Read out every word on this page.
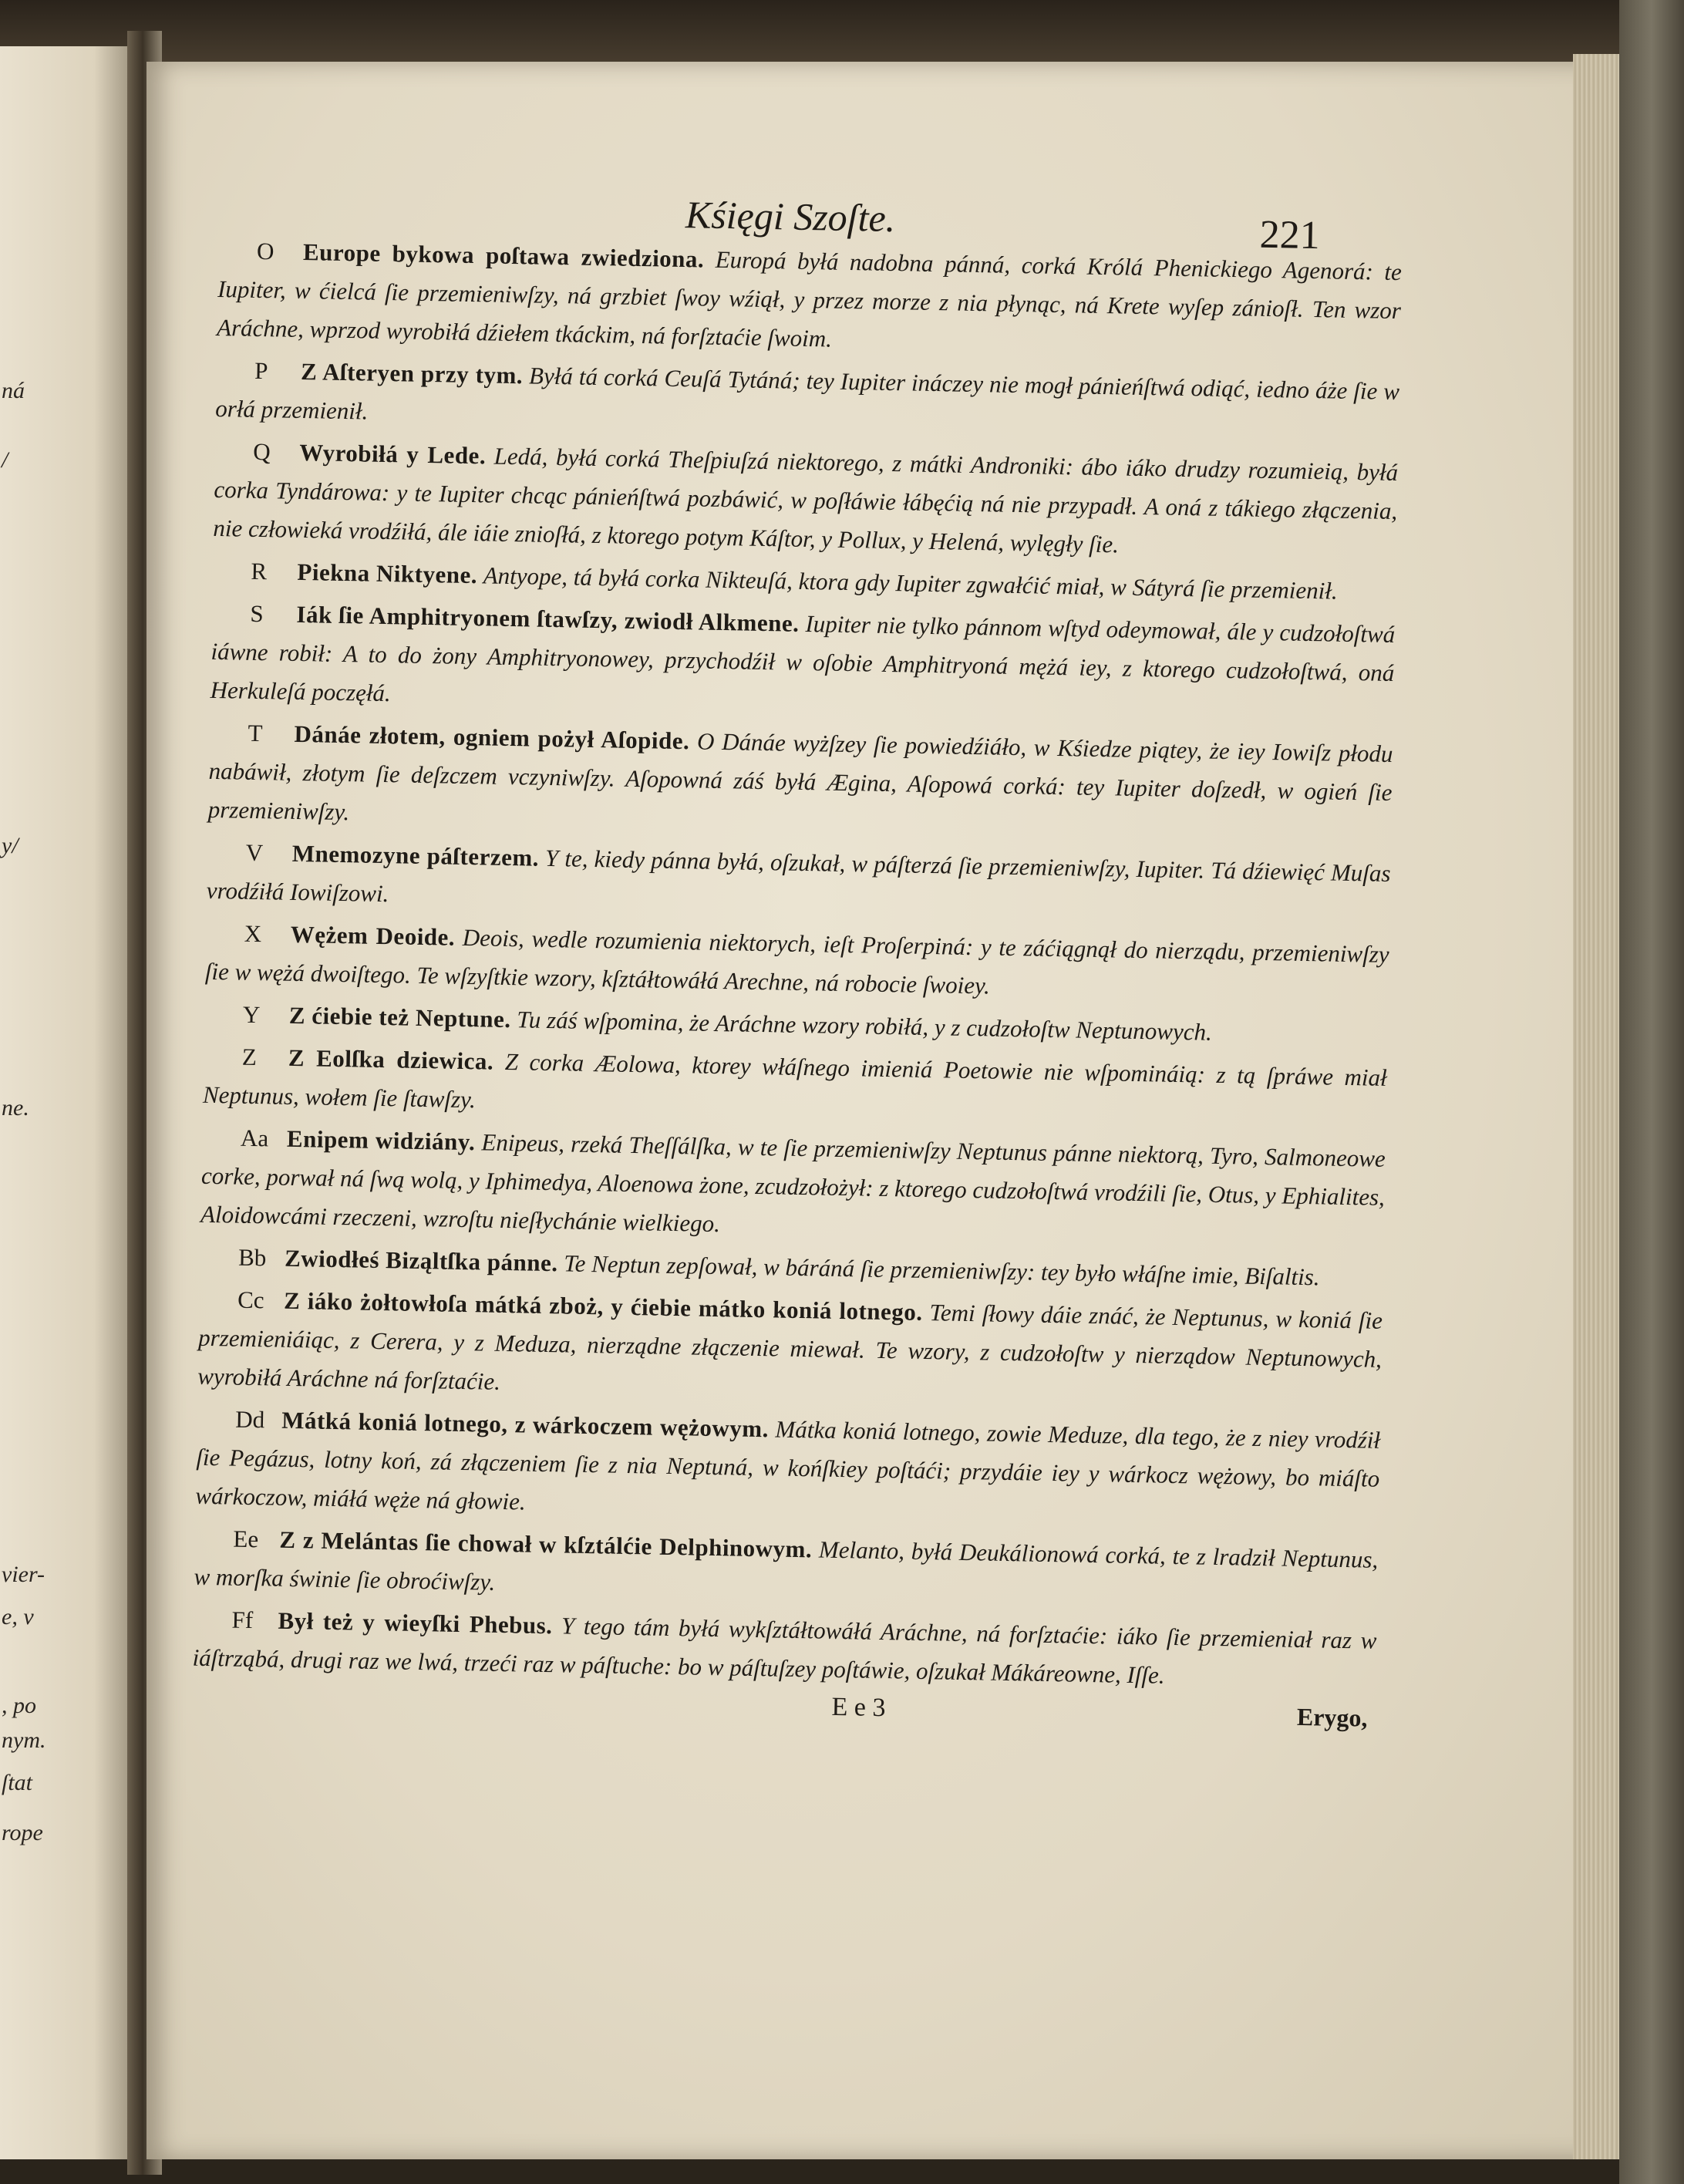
ná
/
y/
ne.
vier-
e, v
, po
nym.
ſtat
rope
Kśięgi Szoſte.	221

O Europe bykowa poſtawa zwiedziona. Europá byłá nadobna pánná, corká Królá Phenickiego Agenorá: te Iupiter, w ćielcá ſie przemieniwſzy, ná grzbiet ſwoy wźiął, y przez morze z nia płynąc, ná Krete wyſep zánioſł. Ten wzor Aráchne, wprzod wyrobiłá dźiełem tkáckim, ná forſztaćie ſwoim.

P Z Aſteryen przy tym. Byłá tá corká Ceuſá Tytáná; tey Iupiter ináczey nie mogł pánieńſtwá odiąć, iedno áże ſie w orłá przemienił.

Q Wyrobiłá y Lede. Ledá, byłá corká Theſpiuſzá niektorego, z mátki Androniki: ábo iáko drudzy rozumieią, byłá corka Tyndárowa: y te Iupiter chcąc pánieńſtwá pozbáwić, w poſłáwie łábęćią ná nie przypadł. A oná z tákiego złączenia, nie człowieká vrodźiłá, ále iáie znioſłá, z ktorego potym Káſtor, y Pollux, y Helená, wylęgły ſie.

R Piekna Niktyene. Antyope, tá byłá corka Nikteuſá, ktora gdy Iupiter zgwałćić miał, w Sátyrá ſie przemienił.

S Iák ſie Amphitryonem ſtawſzy, zwiodł Alkmene. Iupiter nie tylko pánnom wſtyd odeymował, ále y cudzołoſtwá iáwne robił: A to do żony Amphitryonowey, przychodźił w oſobie Amphitryoná mężá iey, z ktorego cudzołoſtwá, oná Herkuleſá poczęłá.

T Dánáe złotem, ogniem pożył Aſopide. O Dánáe wyżſzey ſie powiedźiáło, w Kśiedze piątey, że iey Iowiſz płodu nabáwił, złotym ſie deſzczem vczyniwſzy. Aſopowná záś byłá Ægina, Aſopowá corká: tey Iupiter doſzedł, w ogień ſie przemieniwſzy.

V Mnemozyne páſterzem. Y te, kiedy pánna byłá, oſzukał, w páſterzá ſie przemieniwſzy, Iupiter. Tá dźiewięć Muſas vrodźiłá Iowiſzowi.

X Wężem Deoide. Deois, wedle rozumienia niektorych, ieſt Proſerpiná: y te záćiągnął do nierządu, przemieniwſzy ſie w wężá dwoiſtego. Te wſzyſtkie wzory, kſztáłtowáłá Arechne, ná robocie ſwoiey.

Y Z ćiebie też Neptune. Tu záś wſpomina, że Aráchne wzory robiłá, y z cudzołoſtw Neptunowych.

Z Z Eolſka dziewica. Z corka Æolowa, ktorey włáſnego imieniá Poetowie nie wſpomináią: z tą ſpráwe miał Neptunus, wołem ſie ſtawſzy.

Aa Enipem widziány. Enipeus, rzeká Theſſálſka, w te ſie przemieniwſzy Neptunus pánne niektorą, Tyro, Salmoneowe corke, porwał ná ſwą wolą, y Iphimedya, Aloenowa żone, zcudzołożył: z ktorego cudzołoſtwá vrodźili ſie, Otus, y Ephialites, Aloidowcámi rzeczeni, wzroſtu nieſłychánie wielkiego.

Bb Zwiodłeś Biząltſka pánne. Te Neptun zepſował, w báráná ſie przemieniwſzy: tey było włáſne imie, Biſaltis.

Cc Z iáko żołtowłoſa mátká zboż, y ćiebie mátko koniá lotnego. Temi ſłowy dáie znáć, że Neptunus, w koniá ſie przemieniáiąc, z Cerera, y z Meduza, nierządne złączenie miewał. Te wzory, z cudzołoſtw y nierządow Neptunowych, wyrobiłá Aráchne ná forſztaćie.

Dd Mátká koniá lotnego, z wárkoczem wężowym. Mátka koniá lotnego, zowie Meduze, dla tego, że z niey vrodźił ſie Pegázus, lotny koń, zá złączeniem ſie z nia Neptuná, w końſkiey poſtáći; przydáie iey y wárkocz wężowy, bo miáſto wárkoczow, miáłá węże ná głowie.

Ee Z z Melántas ſie chował w kſztálćie Delphinowym. Melanto, byłá Deukálionowá corká, te z lradził Neptunus, w morſka świnie ſie obroćiwſzy.

Ff Był też y wieyſki Phebus. Y tego tám byłá wykſztáłtowáłá Aráchne, ná forſztaćie: iáko ſie przemieniał raz w iáſtrząbá, drugi raz we lwá, trzeći raz w páſtuche: bo w páſtuſzey poſtáwie, oſzukał Mákáreowne, Iſſe.

E e 3	Erygo,
